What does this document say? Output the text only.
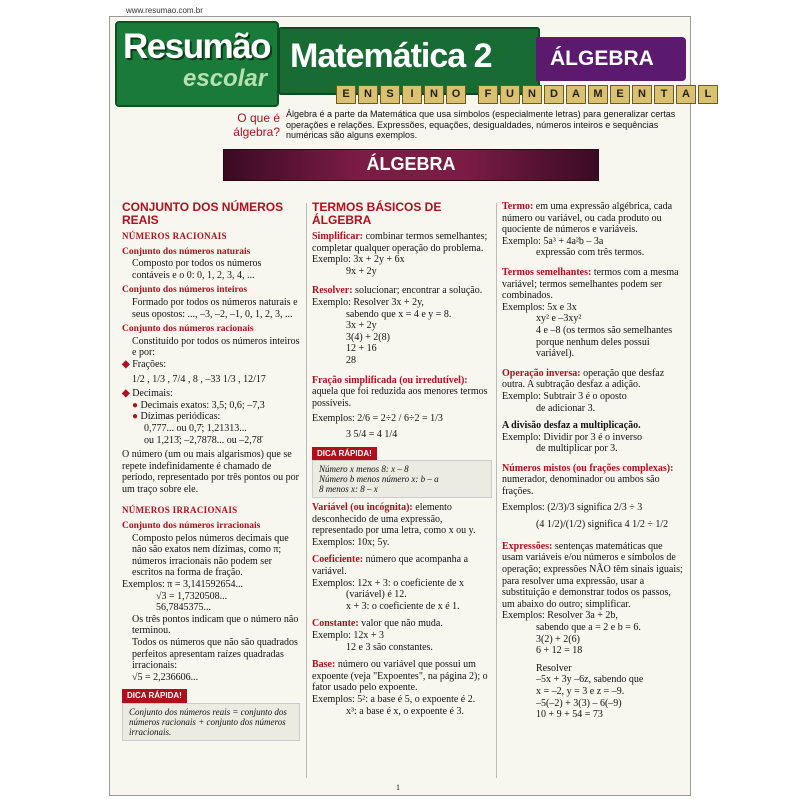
www.resumao.com.br
Resumão
escolar
Matemática 2	ÁLGEBRA
E	N	S	I	N	O	F	U	N	D	A	M	E	N	T	A	L
O que é álgebra?
Álgebra é a parte da Matemática que usa símbolos (especialmente letras) para generalizar certas operações e relações. Expressões, equações, desigualdades, números inteiros e sequências numéricas são alguns exemplos.
ÁLGEBRA
CONJUNTO DOS NÚMEROS REAIS
NÚMEROS RACIONAIS
Conjunto dos números naturais
Composto por todos os números contáveis e o 0: 0, 1, 2, 3, 4, ...
Conjunto dos números inteiros
Formado por todos os números naturais e seus opostos: ..., –3, –2, –1, 0, 1, 2, 3, ...
Conjunto dos números racionais
Constituído por todos os números inteiros e por:
◆ Frações:
1/2 , 1/3 , 7/4 , 8 , –33 1/3 , 12/17
◆ Decimais:
● Decimais exatos: 3,5; 0,6; –7,3
● Dízimas periódicas:
0,777... ou 0,7̄; 1,21313...
ou 1,213̄; –2,7878... ou –2,78̄
O número (um ou mais algarismos) que se repete indefinidamente é chamado de período, representado por três pontos ou por um traço sobre ele.
NÚMEROS IRRACIONAIS
Conjunto dos números irracionais
Composto pelos números decimais que não são exatos nem dízimas, como π; números irracionais não podem ser escritos na forma de fração.
Exemplos: π = 3,141592654...
√3 = 1,7320508...
56,7845375...
Os três pontos indicam que o número não terminou.
Todos os números que não são quadrados perfeitos apresentam raízes quadradas irracionais:
√5 = 2,236606...
DICA RÁPIDA!
Conjunto dos números reais = conjunto dos números racionais + conjunto dos números irracionais.
TERMOS BÁSICOS DE ÁLGEBRA
Simplificar: combinar termos semelhantes; completar qualquer operação do problema.
Exemplo: 3x + 2y + 6x
9x + 2y
Resolver: solucionar; encontrar a solução.
Exemplo: Resolver 3x + 2y,
sabendo que x = 4 e y = 8.
3x + 2y
3(4) + 2(8)
12 + 16
28
Fração simplificada (ou irredutível): aquela que foi reduzida aos menores termos possíveis.
Exemplos: 2/6 = 2÷2 / 6÷2 = 1/3
3 5/4 = 4 1/4
DICA RÁPIDA!
Número x menos 8: x – 8
Número b menos número x: b – a
8 menos x: 8 – x
Variável (ou incógnita): elemento desconhecido de uma expressão, representado por uma letra, como x ou y. Exemplos: 10x; 5y.
Coeficiente: número que acompanha a variável.
Exemplos: 12x + 3: o coeficiente de x
(variável) é 12.
x + 3: o coeficiente de x é 1.
Constante: valor que não muda.
Exemplo: 12x + 3
12 e 3 são constantes.
Base: número ou variável que possui um expoente (veja "Expoentes", na página 2); o fator usado pelo expoente.
Exemplos: 5²: a base é 5, o expoente é 2.
x³: a base é x, o expoente é 3.
Termo: em uma expressão algébrica, cada número ou variável, ou cada produto ou quociente de números e variáveis.
Exemplo: 5a³ + 4a²b – 3a
expressão com três termos.
Termos semelhantes: termos com a mesma variável; termos semelhantes podem ser combinados.
Exemplos: 5x e 3x
xy² e –3xy²
4 e –8 (os termos são semelhantes porque nenhum deles possui variável).
Operação inversa: operação que desfaz outra. A subtração desfaz a adição.
Exemplo: Subtrair 3 é o oposto
de adicionar 3.
A divisão desfaz a multiplicação.
Exemplo: Dividir por 3 é o inverso
de multiplicar por 3.
Números mistos (ou frações complexas): numerador, denominador ou ambos são frações.
Exemplos: (2/3)/3 significa 2/3 ÷ 3
(4 1/2)/(1/2) significa 4 1/2 ÷ 1/2
Expressões: sentenças matemáticas que usam variáveis e/ou números e símbolos de operação; expressões NÃO têm sinais iguais; para resolver uma expressão, usar a substituição e demonstrar todos os passos, um abaixo do outro; simplificar.
Exemplos: Resolver 3a + 2b,
sabendo que a = 2 e b = 6.
3(2) + 2(6)
6 + 12 = 18
Resolver
–5x + 3y –6z, sabendo que
x = –2, y = 3 e z = –9.
–5(–2) + 3(3) – 6(–9)
10 + 9 + 54 = 73
1
